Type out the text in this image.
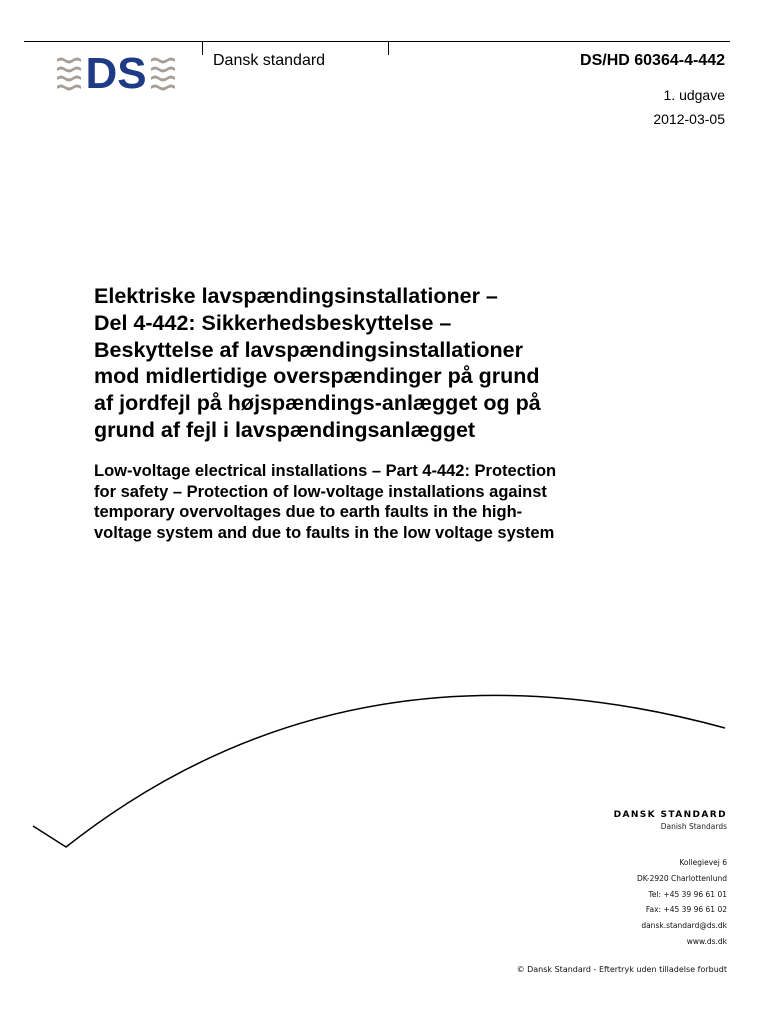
DS	Dansk standard	DS/HD 60364-4-442
1. udgave
2012-03-05
Elektriske lavspændingsinstallationer –
Del 4-442: Sikkerhedsbeskyttelse –
Beskyttelse af lavspændingsinstallationer
mod midlertidige overspændinger på grund
af jordfejl på højspændings-anlægget og på
grund af fejl i lavspændingsanlægget
Low-voltage electrical installations – Part 4-442: Protection
for safety – Protection of low-voltage installations against
temporary overvoltages due to earth faults in the high-
voltage system and due to faults in the low voltage system
DANSK STANDARD
Danish Standards
Kollegievej 6
DK-2920 Charlottenlund
Tel: +45 39 96 61 01
Fax: +45 39 96 61 02
dansk.standard@ds.dk
www.ds.dk
© Dansk Standard - Eftertryk uden tilladelse forbudt
